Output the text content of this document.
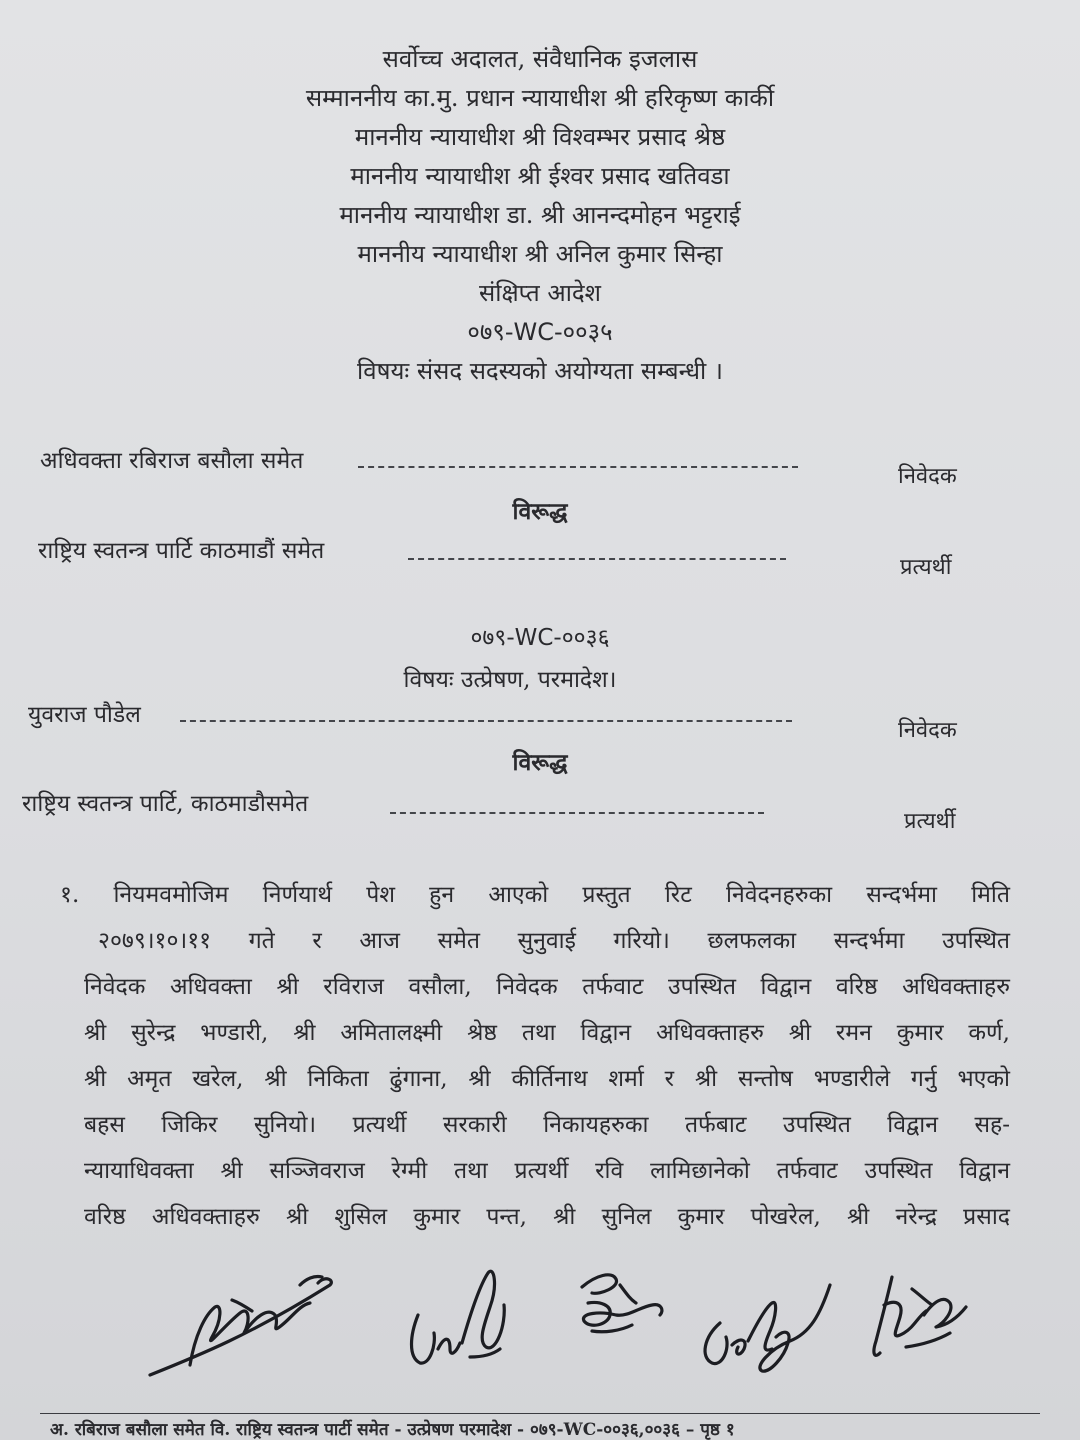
सर्वोच्च अदालत, संवैधानिक इजलास
सम्माननीय का.मु. प्रधान न्यायाधीश श्री हरिकृष्ण कार्की
माननीय न्यायाधीश श्री विश्वम्भर प्रसाद श्रेष्ठ
माननीय न्यायाधीश श्री ईश्वर प्रसाद खतिवडा
माननीय न्यायाधीश डा. श्री आनन्दमोहन भट्टराई
माननीय न्यायाधीश श्री अनिल कुमार सिन्हा
संक्षिप्त आदेश
०७९-WC-००३५
विषयः संसद सदस्यको अयोग्यता सम्बन्धी ।
अधिवक्ता रबिराज बसौला समेत
निवेदक
विरूद्ध
राष्ट्रिय स्वतन्त्र पार्टि काठमाडौं समेत
प्रत्यर्थी
०७९-WC-००३६
विषयः उत्प्रेषण, परमादेश।
युवराज पौडेल
निवेदक
विरूद्ध
राष्ट्रिय स्वतन्त्र पार्टि, काठमाडौसमेत
प्रत्यर्थी
१. नियमवमोजिम निर्णयार्थ पेश हुन आएको प्रस्तुत रिट निवेदनहरुका सन्दर्भमा मिति
२०७९।१०।११ गते र आज समेत सुनुवाई गरियो। छलफलका सन्दर्भमा उपस्थित
निवेदक अधिवक्ता श्री रविराज वसौला, निवेदक तर्फवाट उपस्थित विद्वान वरिष्ठ अधिवक्ताहरु
श्री सुरेन्द्र भण्डारी, श्री अमितालक्ष्मी श्रेष्ठ तथा विद्वान अधिवक्ताहरु श्री रमन कुमार कर्ण,
श्री अमृत खरेल, श्री निकिता ढुंगाना, श्री कीर्तिनाथ शर्मा र श्री सन्तोष भण्डारीले गर्नु भएको
बहस जिकिर सुनियो। प्रत्यर्थी सरकारी निकायहरुका तर्फबाट उपस्थित विद्वान सह-
न्यायाधिवक्ता श्री सञ्जिवराज रेग्मी तथा प्रत्यर्थी रवि लामिछानेको तर्फवाट उपस्थित विद्वान
वरिष्ठ अधिवक्ताहरु श्री शुसिल कुमार पन्त, श्री सुनिल कुमार पोखरेल, श्री नरेन्द्र प्रसाद
अ. रबिराज बसौला समेत वि. राष्ट्रिय स्वतन्त्र पार्टी समेत - उत्प्रेषण परमादेश - ०७९-WC-००३६,००३६ – पृष्ठ १
